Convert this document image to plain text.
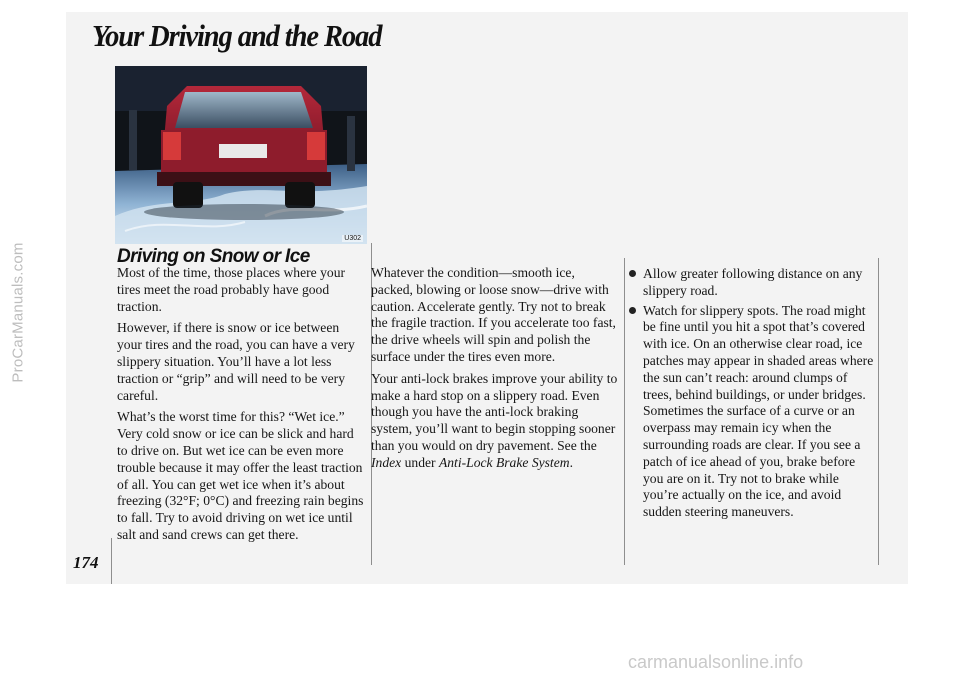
ProCarManuals.com
Your Driving and the Road
U302
Driving on Snow or Ice

Most of the time, those places where your tires meet the road probably have good traction.

However, if there is snow or ice between your tires and the road, you can have a very slippery situation. You’ll have a lot less traction or “grip” and will need to be very careful.

What’s the worst time for this? “Wet ice.” Very cold snow or ice can be slick and hard to drive on. But wet ice can be even more trouble because it may offer the least traction of all. You can get wet ice when it’s about freezing (32°F; 0°C) and freezing rain begins to fall. Try to avoid driving on wet ice until salt and sand crews can get there.

Whatever the condition—smooth ice, packed, blowing or loose snow—drive with caution. Accelerate gently. Try not to break the fragile traction. If you accelerate too fast, the drive wheels will spin and polish the surface under the tires even more.

Your anti-lock brakes improve your ability to make a hard stop on a slippery road. Even though you have the anti-lock braking system, you’ll want to begin stopping sooner than you would on dry pavement. See the Index under Anti-Lock Brake System.

Allow greater following distance on any slippery road.
Watch for slippery spots. The road might be fine until you hit a spot that’s covered with ice. On an otherwise clear road, ice patches may appear in shaded areas where the sun can’t reach: around clumps of trees, behind buildings, or under bridges. Sometimes the surface of a curve or an overpass may remain icy when the surrounding roads are clear. If you see a patch of ice ahead of you, brake before you are on it. Try not to brake while you’re actually on the ice, and avoid sudden steering maneuvers.
174
carmanualsonline.info
